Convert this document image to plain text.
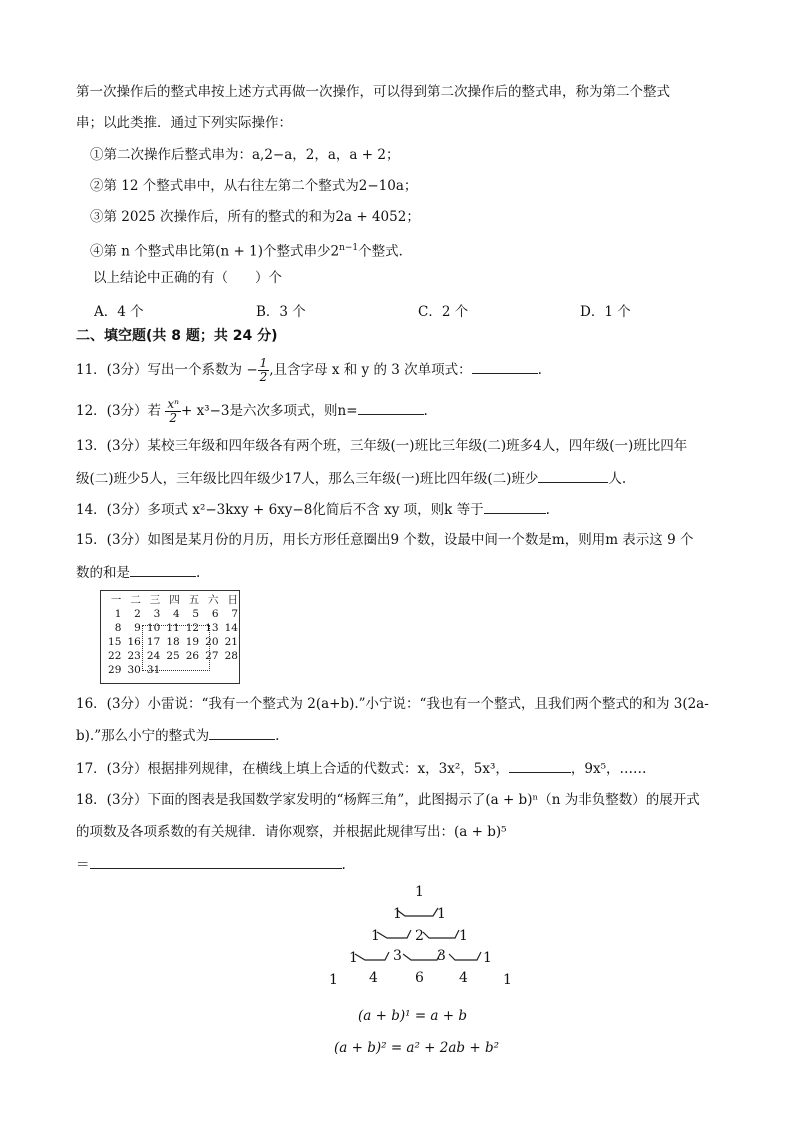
第一次操作后的整式串按上述方式再做一次操作，可以得到第二次操作后的整式串，称为第二个整式
串；以此类推．通过下列实际操作：
①第二次操作后整式串为：a,2−a，2，a，a + 2；
②第 12 个整式串中，从右往左第二个整式为2−10a；
③第 2025 次操作后，所有的整式的和为2a + 4052；
④第 n 个整式串比第(n + 1)个整式串少$2^{n-1}$个整式．
以上结论中正确的有（　　）个
A．4 个	B．3 个	C．2 个	D．1 个
二、填空题(共 8 题；共 24 分)
11．(3分）写出一个系数为 − $\frac{1}{2}$ ,且含字母 x 和 y 的 3 次单项式：	.
12．(3分）若 $\frac{\text{xⁿ}}{2} + x^3-3$是六次多项式，则n=	.
13．(3分）某校三年级和四年级各有两个班，三年级(一)班比三年级(二)班多4人，四年级(一)班比四年
级(二)班少5人，三年级比四年级少17人，那么三年级(一)班比四年级(二)班少	人.
14．(3分）多项式 x²−3kxy + 6xy−8化简后不含 xy 项，则k 等于	.
15．(3分）如图是某月份的月历，用长方形任意圈出9 个数，设最中间一个数是m，则用m 表示这 9 个
数的和是	.
一	二	三	四	五	六	日
1	2	3	4	5	6	7
8	9	10	11	12	13	14
15	16	17	18	19	20	21
22	23	24	25	26	27	28
29	30	31				
16．(3分）小雷说：“我有一个整式为 2(a+b).”小宁说：“我也有一个整式，且我们两个整式的和为 3(2a-
b).”那么小宁的整式为	.
17．(3分）根据排列规律，在横线上填上合适的代数式：x，3x²，5x³，	，9x⁵，……
18．(3分）下面的图表是我国数学家发明的“杨辉三角”，此图揭示了(a + b)ⁿ（n 为非负整数）的展开式
的项数及各项系数的有关规律．请你观察，并根据此规律写出：(a + b)⁵
＝	.
1
1	1
1	2	1
1	3	3	1
1 4	6	4	1
(a + b)¹ = a + b
(a + b)² = a² + 2ab + b²
